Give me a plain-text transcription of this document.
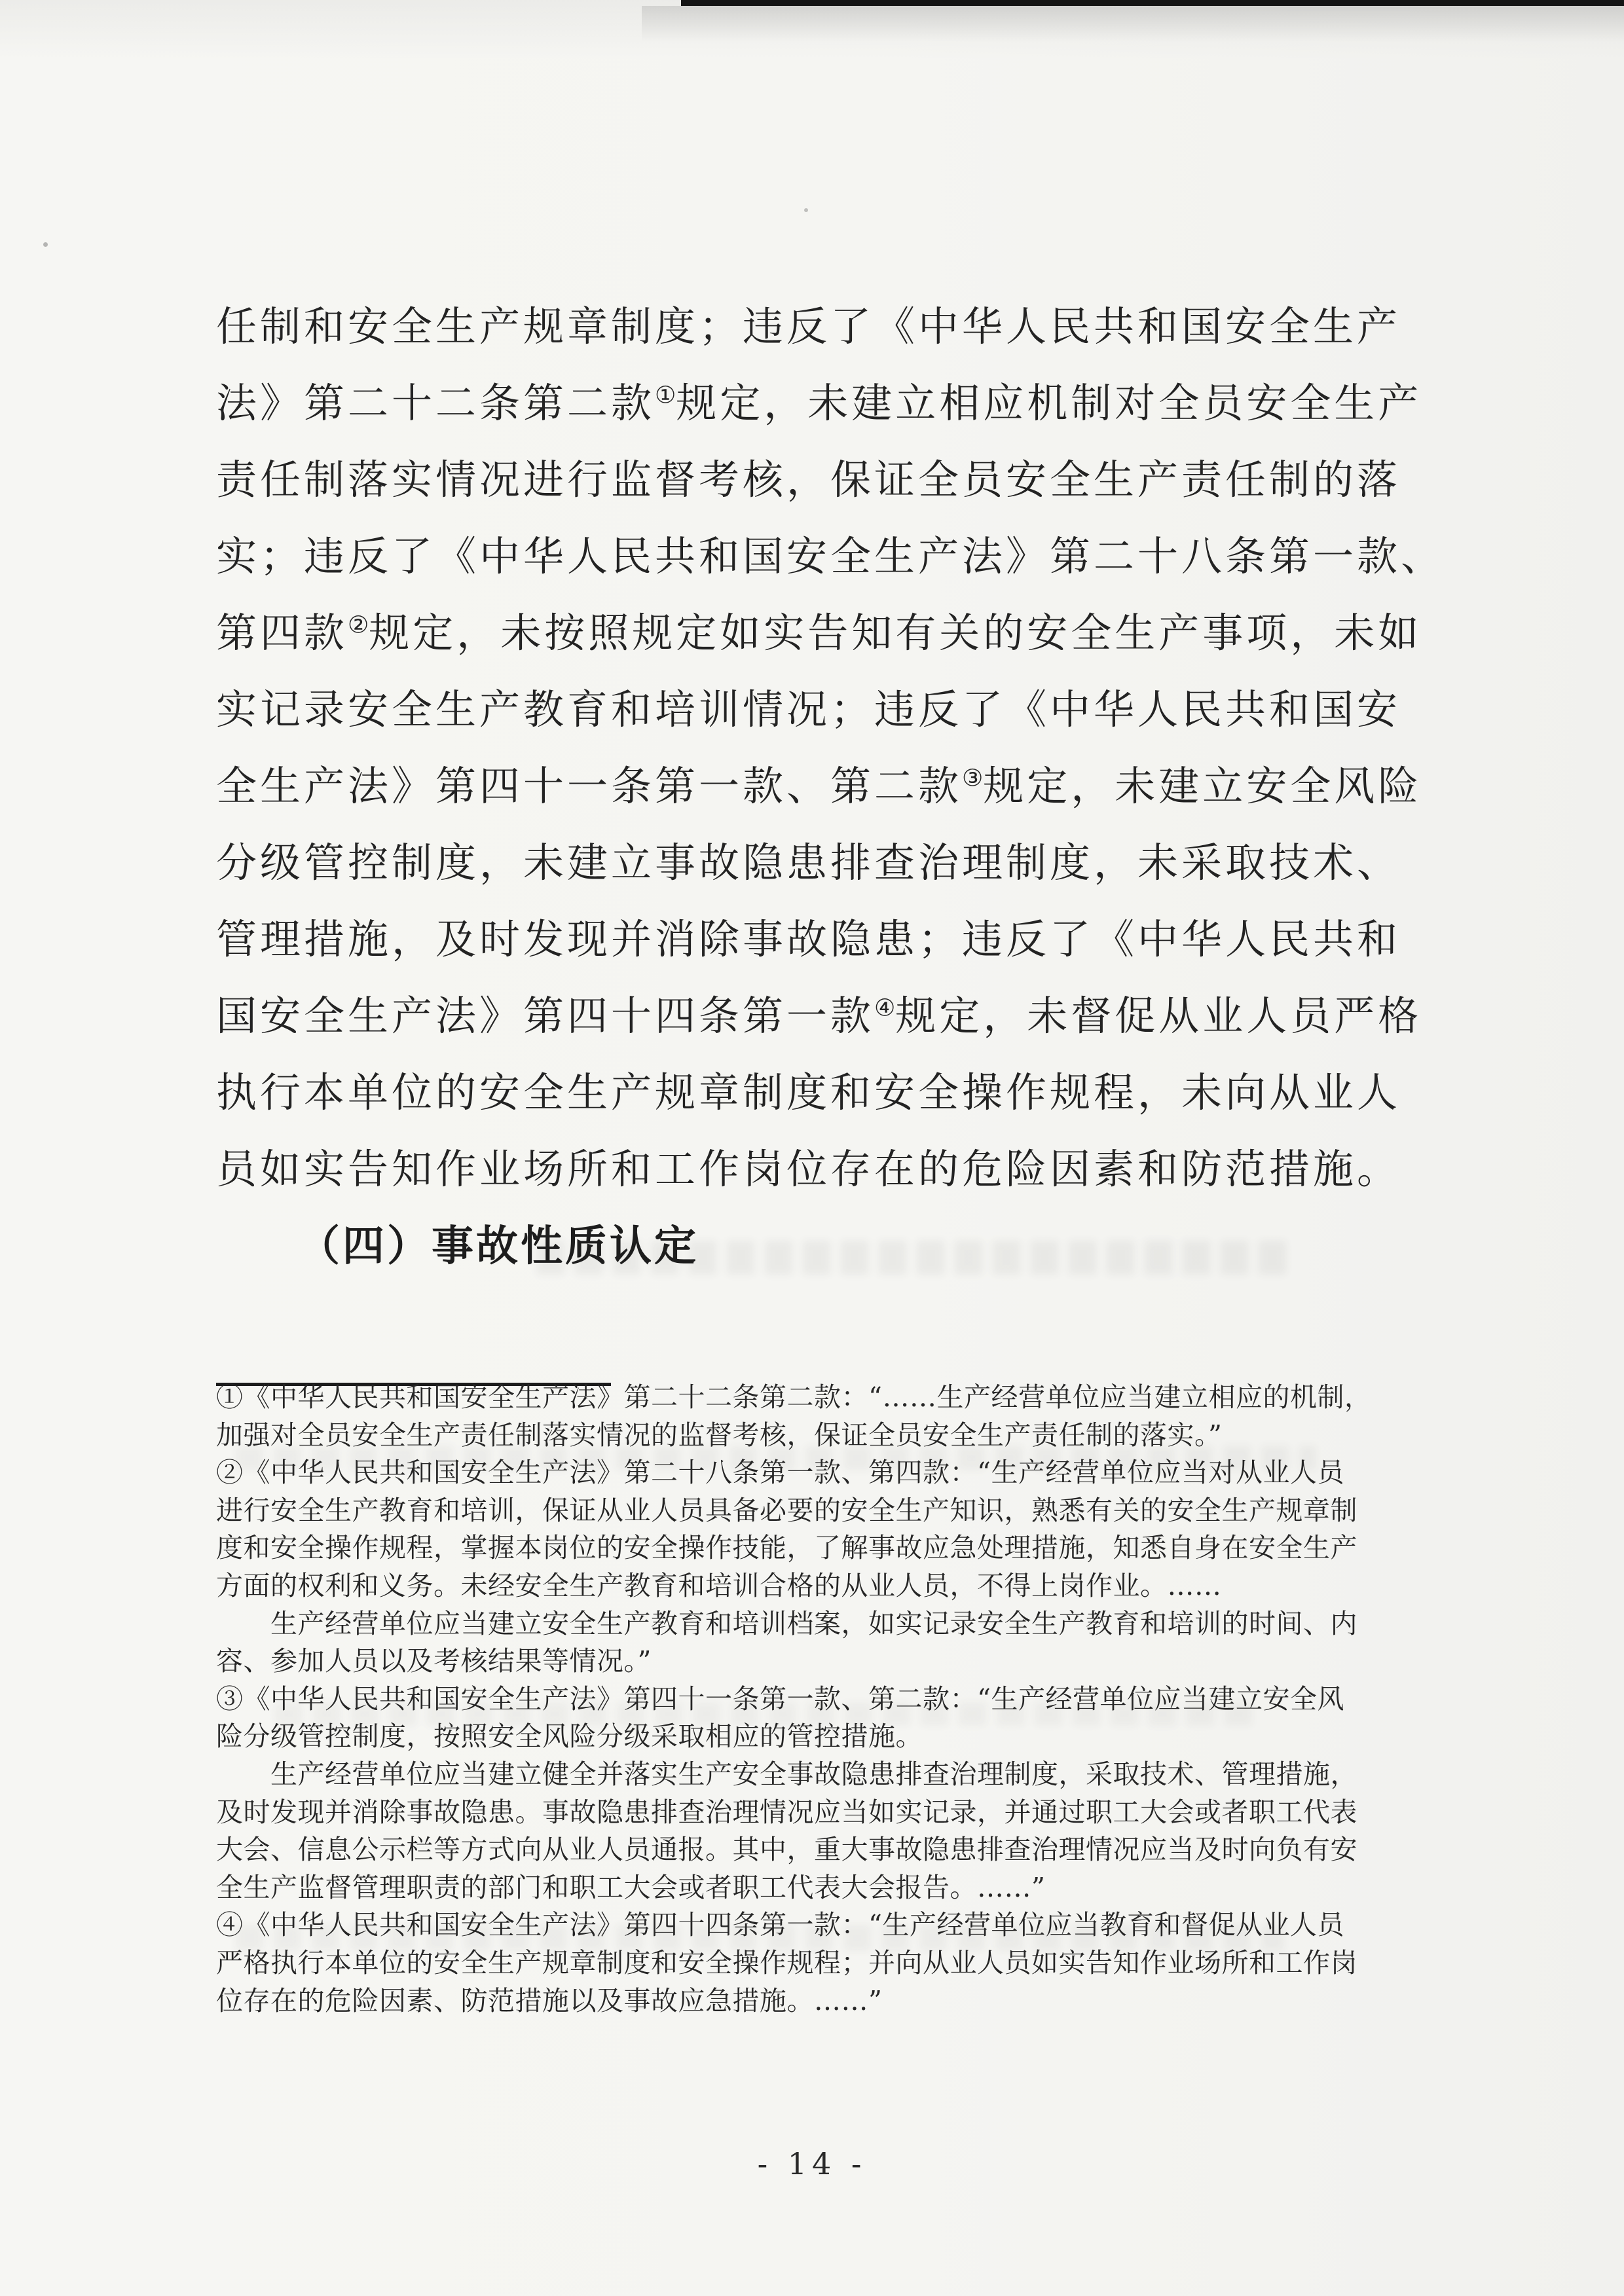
任制和安全生产规章制度；违反了《中华人民共和国安全生产
法》第二十二条第二款①规定，未建立相应机制对全员安全生产
责任制落实情况进行监督考核，保证全员安全生产责任制的落
实；违反了《中华人民共和国安全生产法》第二十八条第一款、
第四款②规定，未按照规定如实告知有关的安全生产事项，未如
实记录安全生产教育和培训情况；违反了《中华人民共和国安
全生产法》第四十一条第一款、第二款③规定，未建立安全风险
分级管控制度，未建立事故隐患排查治理制度，未采取技术、
管理措施，及时发现并消除事故隐患；违反了《中华人民共和
国安全生产法》第四十四条第一款④规定，未督促从业人员严格
执行本单位的安全生产规章制度和安全操作规程，未向从业人
员如实告知作业场所和工作岗位存在的危险因素和防范措施。
（四）事故性质认定
①《中华人民共和国安全生产法》第二十二条第二款：“……生产经营单位应当建立相应的机制，
加强对全员安全生产责任制落实情况的监督考核，保证全员安全生产责任制的落实。”
②《中华人民共和国安全生产法》第二十八条第一款、第四款：“生产经营单位应当对从业人员
进行安全生产教育和培训，保证从业人员具备必要的安全生产知识，熟悉有关的安全生产规章制
度和安全操作规程，掌握本岗位的安全操作技能，了解事故应急处理措施，知悉自身在安全生产
方面的权利和义务。未经安全生产教育和培训合格的从业人员，不得上岗作业。……
　　生产经营单位应当建立安全生产教育和培训档案，如实记录安全生产教育和培训的时间、内
容、参加人员以及考核结果等情况。”
③《中华人民共和国安全生产法》第四十一条第一款、第二款：“生产经营单位应当建立安全风
险分级管控制度，按照安全风险分级采取相应的管控措施。
　　生产经营单位应当建立健全并落实生产安全事故隐患排查治理制度，采取技术、管理措施，
及时发现并消除事故隐患。事故隐患排查治理情况应当如实记录，并通过职工大会或者职工代表
大会、信息公示栏等方式向从业人员通报。其中，重大事故隐患排查治理情况应当及时向负有安
全生产监督管理职责的部门和职工大会或者职工代表大会报告。……”
④《中华人民共和国安全生产法》第四十四条第一款：“生产经营单位应当教育和督促从业人员
严格执行本单位的安全生产规章制度和安全操作规程；并向从业人员如实告知作业场所和工作岗
位存在的危险因素、防范措施以及事故应急措施。……”
- 14 -
